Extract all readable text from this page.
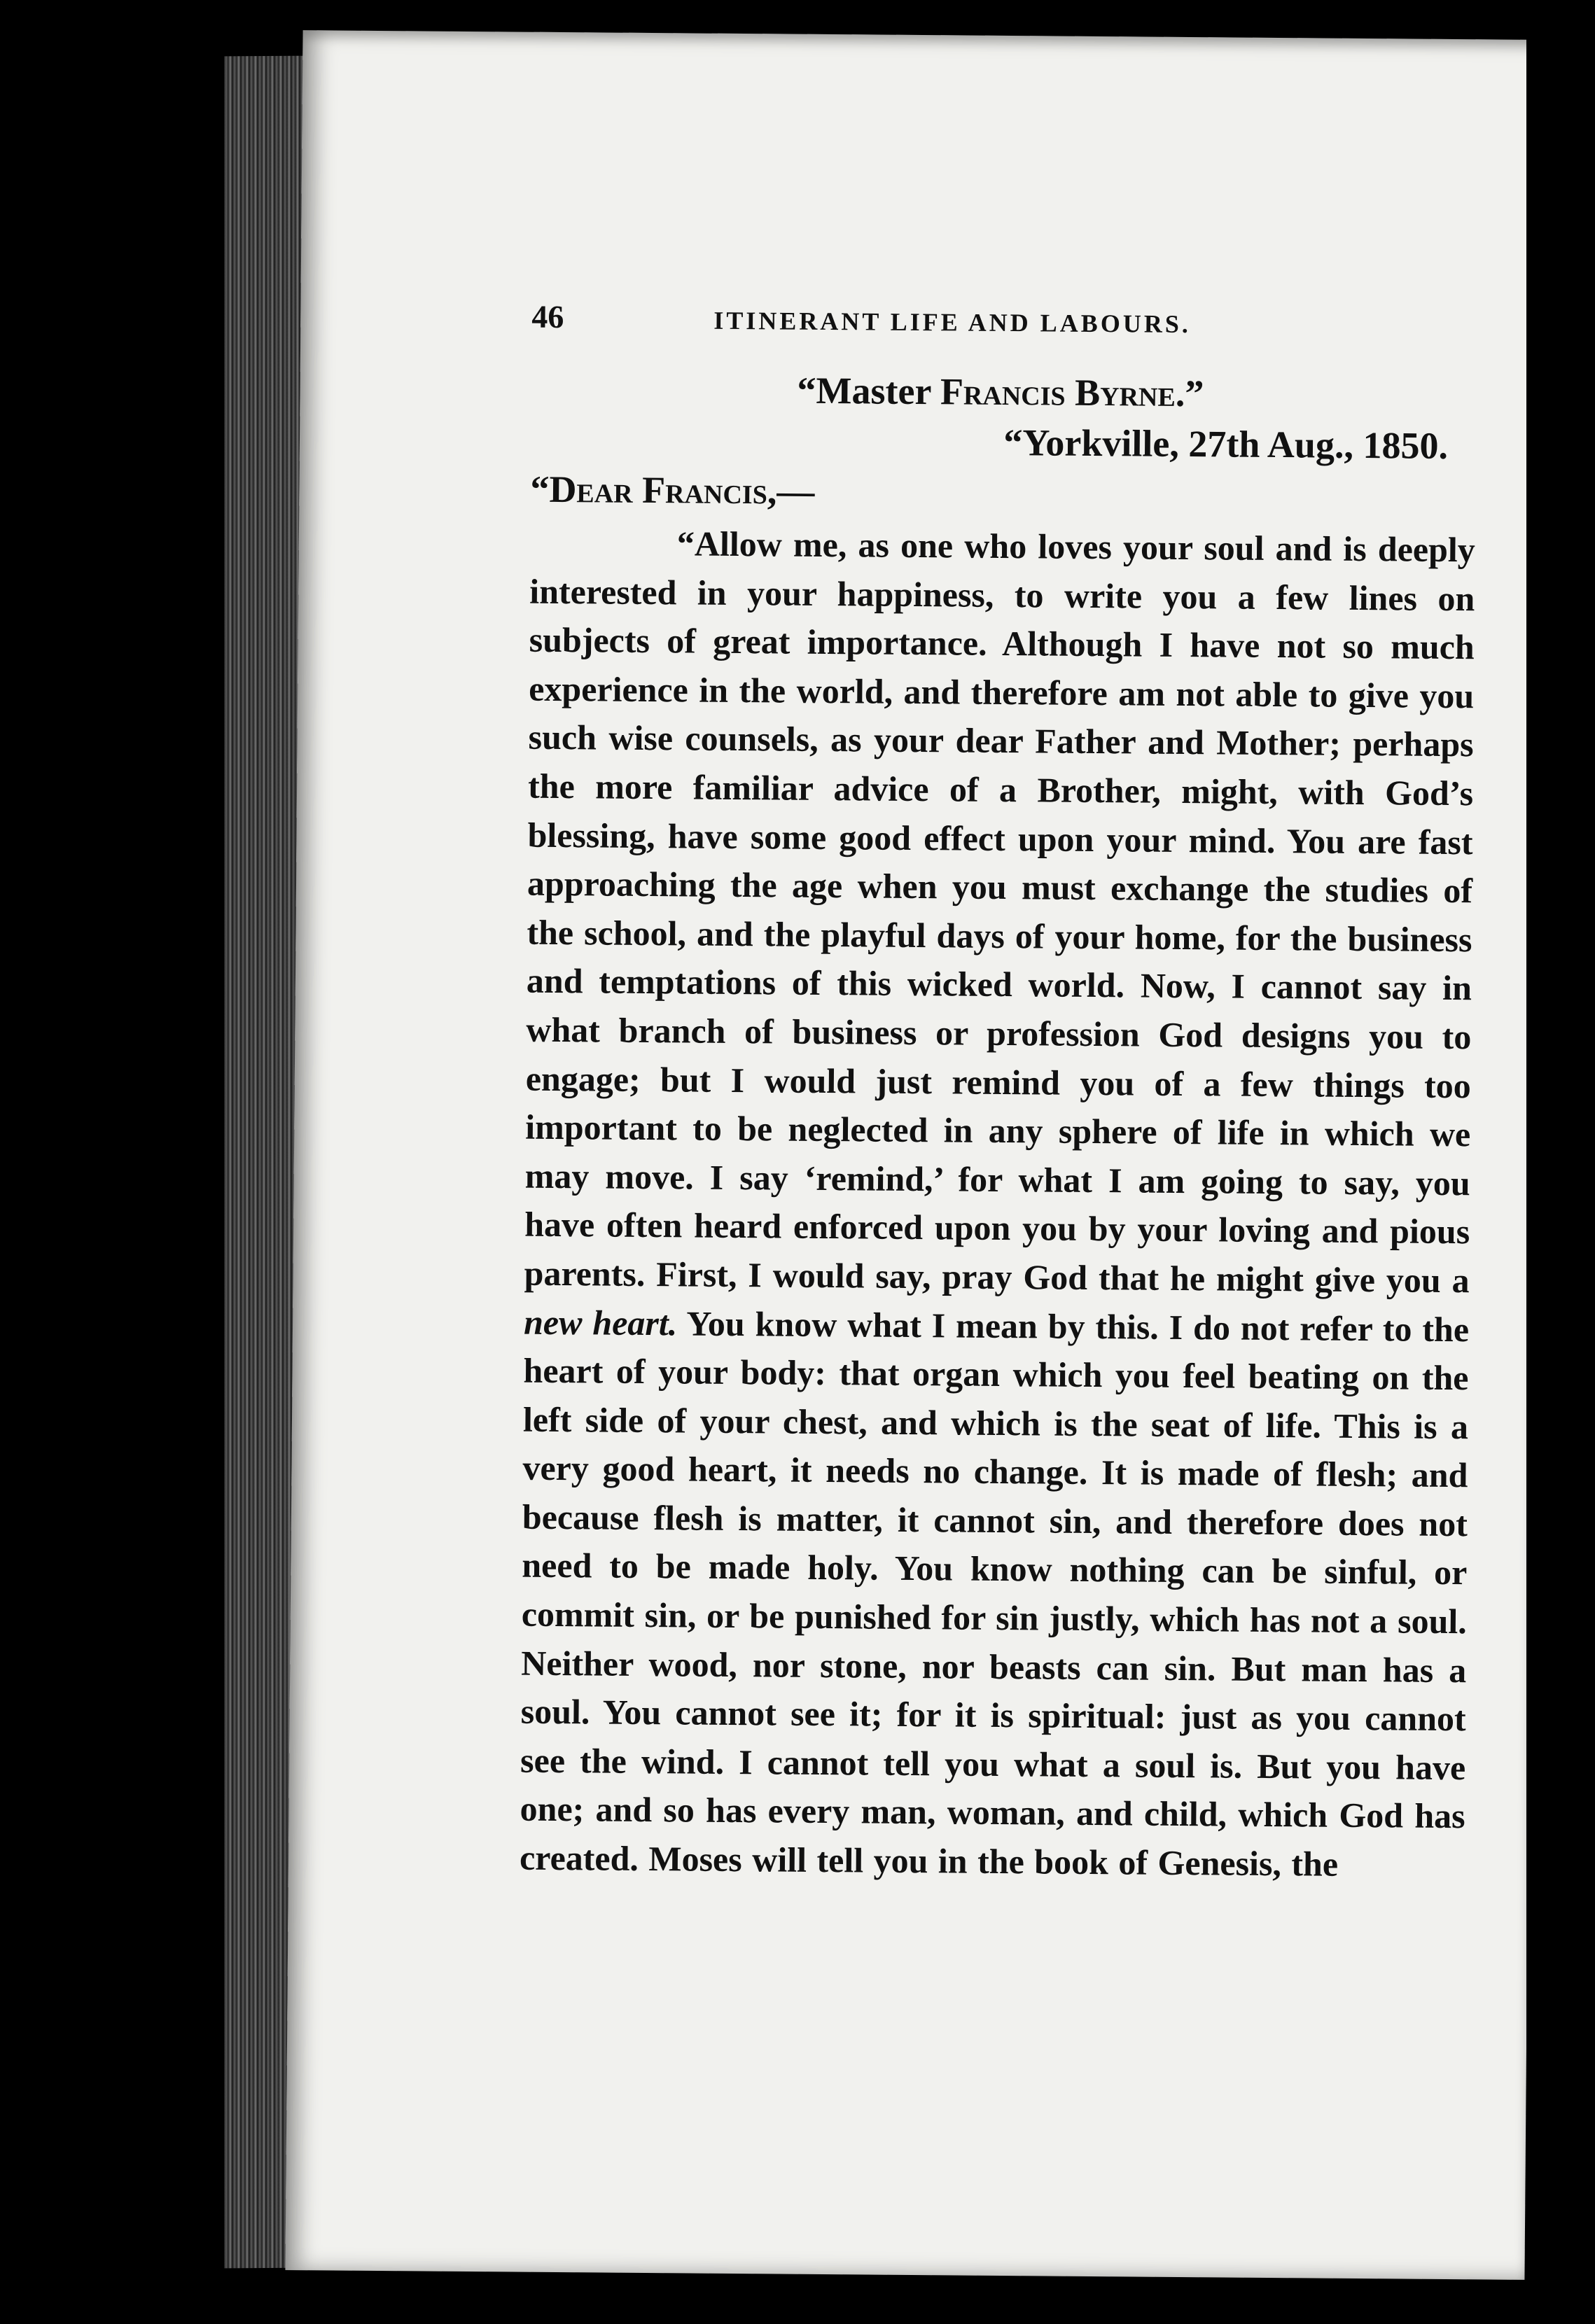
46	ITINERANT LIFE AND LABOURS.
“Master Francis Byrne.”
“Yorkville, 27th Aug., 1850.
“Dear Francis,—

“Allow me, as one who loves your soul and is deeply interested in your happiness, to write you a few lines on subjects of great importance. Although I have not so much experience in the world, and therefore am not able to give you such wise counsels, as your dear Father and Mother; perhaps the more familiar advice of a Brother, might, with God’s blessing, have some good effect upon your mind. You are fast approaching the age when you must exchange the studies of the school, and the playful days of your home, for the business and temptations of this wicked world. Now, I cannot say in what branch of business or profession God designs you to engage; but I would just remind you of a few things too important to be neglected in any sphere of life in which we may move. I say ‘remind,’ for what I am going to say, you have often heard enforced upon you by your loving and pious parents. First, I would say, pray God that he might give you a new heart. You know what I mean by this. I do not refer to the heart of your body: that organ which you feel beating on the left side of your chest, and which is the seat of life. This is a very good heart, it needs no change. It is made of flesh; and because flesh is matter, it cannot sin, and therefore does not need to be made holy. You know nothing can be sinful, or commit sin, or be punished for sin justly, which has not a soul. Neither wood, nor stone, nor beasts can sin. But man has a soul. You cannot see it; for it is spiritual: just as you cannot see the wind. I cannot tell you what a soul is. But you have one; and so has every man, woman, and child, which God has created. Moses will tell you in the book of Genesis, the
